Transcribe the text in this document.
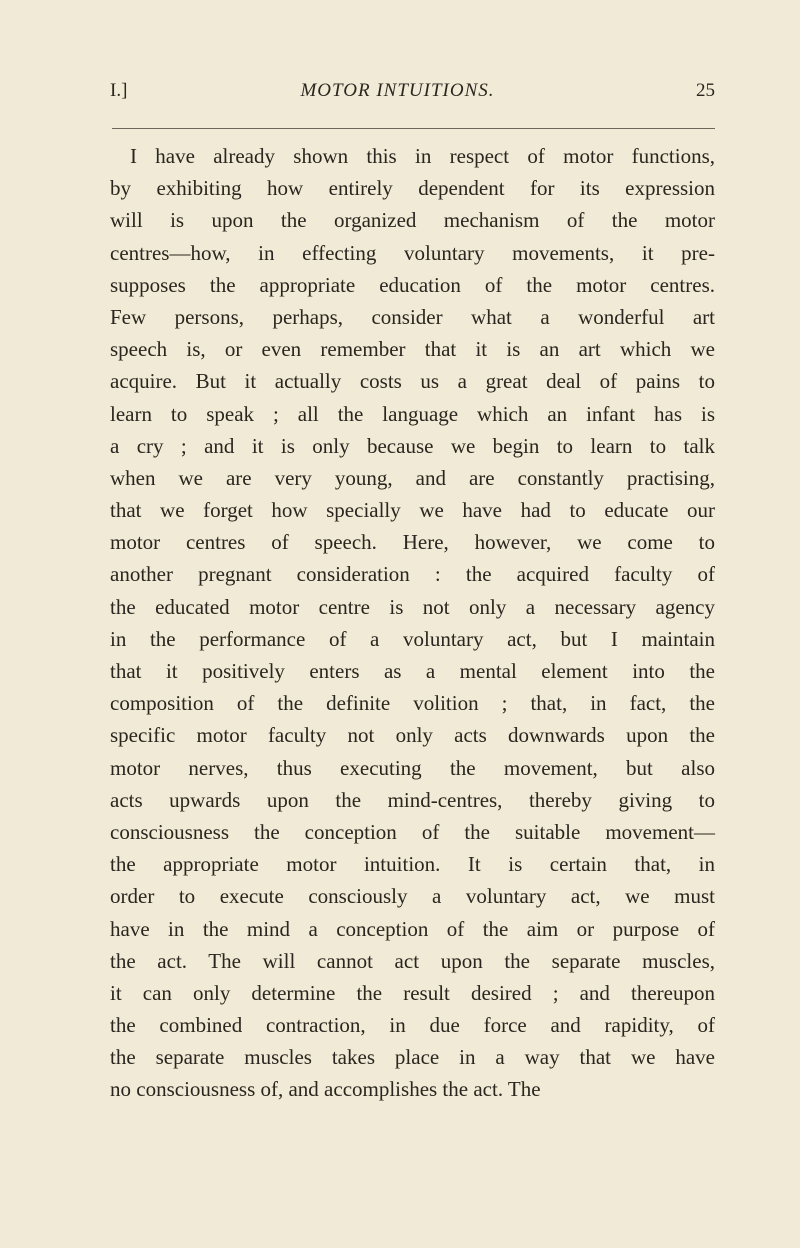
I.]	MOTOR INTUITIONS.	25
I have already shown this in respect of motor functions,
by exhibiting how entirely dependent for its expression
will is upon the organized mechanism of the motor
centres—how, in effecting voluntary movements, it pre-
supposes the appropriate education of the motor centres.
Few persons, perhaps, consider what a wonderful art
speech is, or even remember that it is an art which we
acquire. But it actually costs us a great deal of pains to
learn to speak ; all the language which an infant has is
a cry ; and it is only because we begin to learn to talk
when we are very young, and are constantly practising,
that we forget how specially we have had to educate our
motor centres of speech. Here, however, we come to
another pregnant consideration : the acquired faculty of
the educated motor centre is not only a necessary agency
in the performance of a voluntary act, but I maintain
that it positively enters as a mental element into the
composition of the definite volition ; that, in fact, the
specific motor faculty not only acts downwards upon the
motor nerves, thus executing the movement, but also
acts upwards upon the mind-centres, thereby giving to
consciousness the conception of the suitable movement—
the appropriate motor intuition. It is certain that, in
order to execute consciously a voluntary act, we must
have in the mind a conception of the aim or purpose of
the act. The will cannot act upon the separate muscles,
it can only determine the result desired ; and thereupon
the combined contraction, in due force and rapidity, of
the separate muscles takes place in a way that we have
no consciousness of, and accomplishes the act. The
